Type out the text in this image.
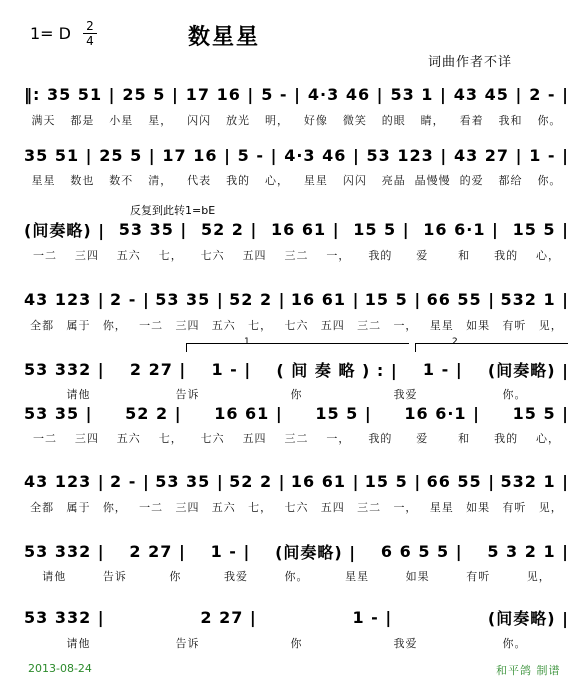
1= D 2
4	数星星
词曲作者不详
反复到此转1=bE
1	2
‖: 35 51 | 25 5 | 17 16 | 5 - | 4·3 46 | 53 1 | 43 45 | 2 - |
满天	都是	小星	星，	闪闪	放光	明，	好像	微笑	的眼	睛，	看着	我和	你。
35 51 | 25 5 | 17 16 | 5 - | 4·3 46 | 53 123 | 43 27 | 1 - |
星星	数也	数不	清，	代表	我的	心，	星星	闪闪	亮晶 晶慢慢 的爱	都给	你。
(间奏略) | 53 35 | 52 2 | 16 61 | 15 5 | 16 6·1 | 15 5 |
一二	三四	五六	七，	七六	五四	三二	一，	我的	爱	和	我的	心，
43 123 | 2 - | 53 35 | 52 2 | 16 61 | 15 5 | 66 55 | 532 1 |
全都	属于	你，	一二	三四	五六	七，	七六	五四	三二	一，	星星	如果	有听	见，
53 332 | 2 27 | 1 - | ( 间 奏 略 ) : | 1 - | (间奏略) |
请他	告诉	你	我爱	你。
53 35 | 52 2 | 16 61 | 15 5 | 16 6·1 | 15 5 |
一二	三四	五六	七，	七六	五四	三二	一，	我的	爱	和	我的	心，
43 123 | 2 - | 53 35 | 52 2 | 16 61 | 15 5 | 66 55 | 532 1 |
全都	属于	你，	一二	三四	五六	七，	七六	五四	三二	一，	星星	如果	有听	见，
53 332 | 2 27 | 1 - | (间奏略) | 6 6 5 5 | 5 3 2 1 |
请他	告诉	你	我爱	你。	星星	如果	有听	见，
53 332 |	2 27 |	1 - |	(间奏略) |
请他	告诉	你	我爱	你。
2013-08-24	和平鸽 制谱
